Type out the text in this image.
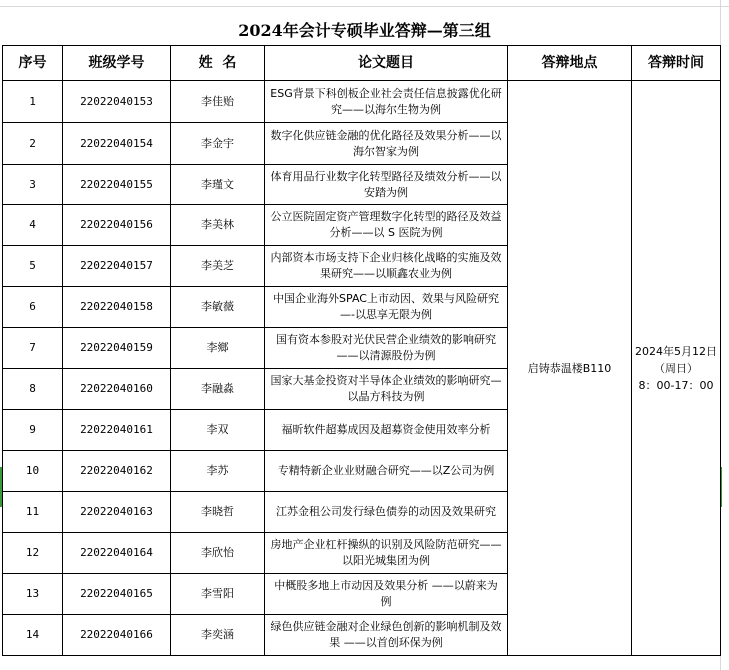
2024年会计专硕毕业答辩—第三组
序号	班级学号	姓  名	论文题目	答辩地点	答辩时间
1	22022040153	李佳贻	ESG背景下科创板企业社会责任信息披露优化研究——以海尔生物为例	启铸恭温楼B110	2024年5月12日
（周日）
8：00-17：00

2	22022040154	李金宇	数字化供应链金融的优化路径及效果分析——以海尔智家为例		
3	22022040155	李瑾文	体育用品行业数字化转型路径及绩效分析——以安踏为例		
4	22022040156	李美林	公立医院固定资产管理数字化转型的路径及效益分析——以 S 医院为例		
5	22022040157	李美芝	内部资本市场支持下企业归核化战略的实施及效果研究——以顺鑫农业为例		
6	22022040158	李敏薇	中国企业海外SPAC上市动因、效果与风险研究—-以思享无限为例		
7	22022040159	李鄉	国有资本参股对光伏民营企业绩效的影响研究——以清源股份为例		
8	22022040160	李融淼	国家大基金投资对半导体企业绩效的影响研究—以晶方科技为例		
9	22022040161	李双	福昕软件超募成因及超募资金使用效率分析		
10	22022040162	李苏	专精特新企业业财融合研究——以Z公司为例		
11	22022040163	李晓哲	江苏金租公司发行绿色债券的动因及效果研究		
12	22022040164	李欣怡	房地产企业杠杆操纵的识别及风险防范研究——以阳光城集团为例		
13	22022040165	李雪阳	中概股多地上市动因及效果分析 ——以蔚来为例		
14	22022040166	李奕涵	绿色供应链金融对企业绿色创新的影响机制及效果 ——以首创环保为例		
